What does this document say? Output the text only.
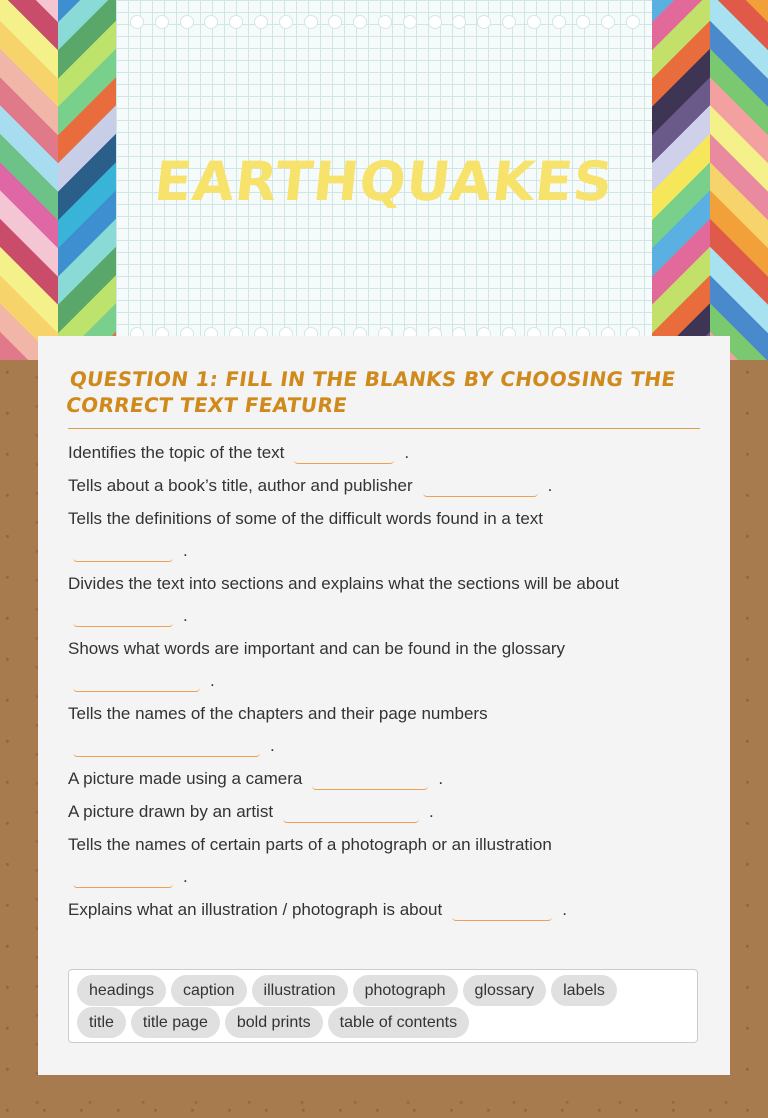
EARTHQUAKES
QUESTION 1: FILL IN THE BLANKS BY CHOOSING THE CORRECT TEXT FEATURE
Identifies the topic of the text	.
Tells about a book’s title, author and publisher	.
Tells the definitions of some of the difficult words found in a text
.
Divides the text into sections and explains what the sections will be about
.
Shows what words are important and can be found in the glossary
.
Tells the names of the chapters and their page numbers
.
A picture made using a camera	.
A picture drawn by an artist	.
Tells the names of certain parts of a photograph or an illustration
.
Explains what an illustration / photograph is about	.
headings caption illustration photograph glossary labels
title title page bold prints table of contents
